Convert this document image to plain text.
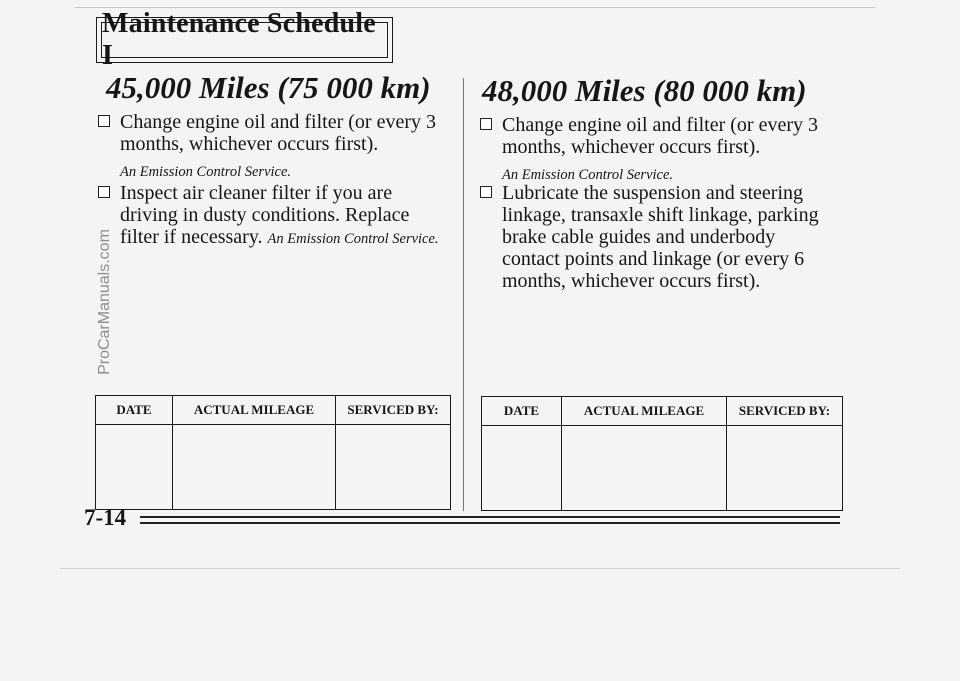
Maintenance Schedule I
45,000 Miles (75 000 km)
Change engine oil and filter (or every 3 months, whichever occurs first).
An Emission Control Service.
Inspect air cleaner filter if you are driving in dusty conditions. Replace filter if necessary. An Emission Control Service.
DATE	ACTUAL MILEAGE	SERVICED BY:

48,000 Miles (80 000 km)
Change engine oil and filter (or every 3 months, whichever occurs first).
An Emission Control Service.
Lubricate the suspension and steering linkage, transaxle shift linkage, parking brake cable guides and underbody contact points and linkage (or every 6 months, whichever occurs first).
DATE	ACTUAL MILEAGE	SERVICED BY:

7-14
ProCarManuals.com
